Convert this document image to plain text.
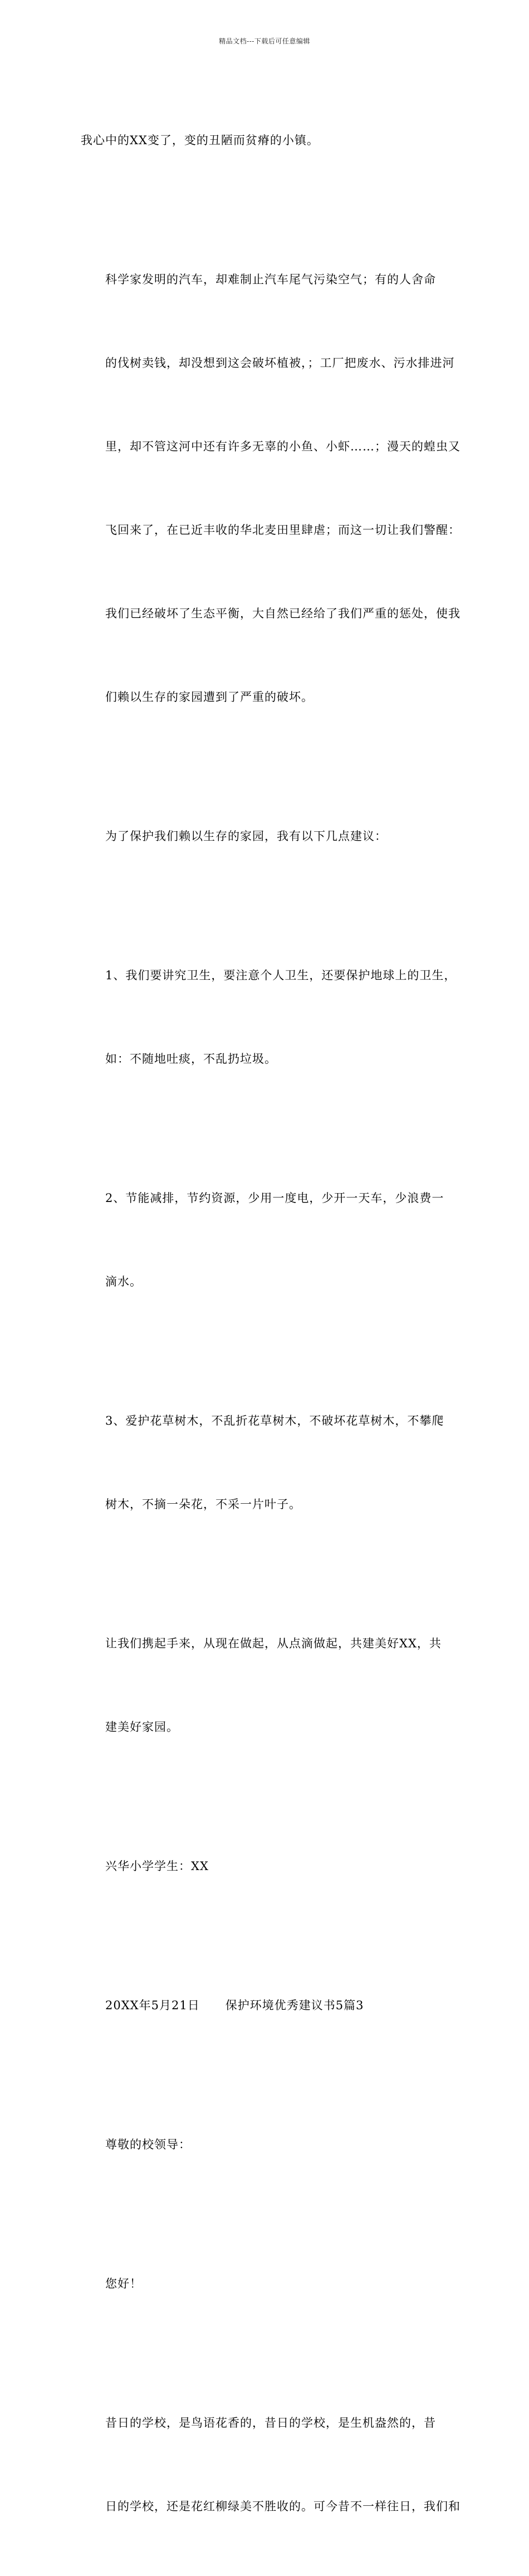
精品文档---下载后可任意编辑

我心中的XX变了，变的丑陋而贫瘠的小镇。

科学家发明的汽车，却难制止汽车尾气污染空气；有的人舍命

的伐树卖钱，却没想到这会破坏植被，；工厂把废水、污水排进河

里，却不管这河中还有许多无辜的小鱼、小虾……；漫天的蝗虫又

飞回来了，在已近丰收的华北麦田里肆虐；而这一切让我们警醒：

我们已经破坏了生态平衡，大自然已经给了我们严重的惩处，使我

们赖以生存的家园遭到了严重的破坏。

为了保护我们赖以生存的家园，我有以下几点建议：

1、我们要讲究卫生，要注意个人卫生，还要保护地球上的卫生，

如：不随地吐痰，不乱扔垃圾。

2、节能减排，节约资源，少用一度电，少开一天车，少浪费一

滴水。

3、爱护花草树木，不乱折花草树木，不破坏花草树木，不攀爬

树木，不摘一朵花，不采一片叶子。

让我们携起手来，从现在做起，从点滴做起，共建美好XX，共

建美好家园。

兴华小学学生：XX

20XX年5月21日      保护环境优秀建议书5篇3

尊敬的校领导：

您好！

昔日的学校，是鸟语花香的，昔日的学校，是生机盎然的，昔

日的学校，还是花红柳绿美不胜收的。可今昔不一样往日，我们和
